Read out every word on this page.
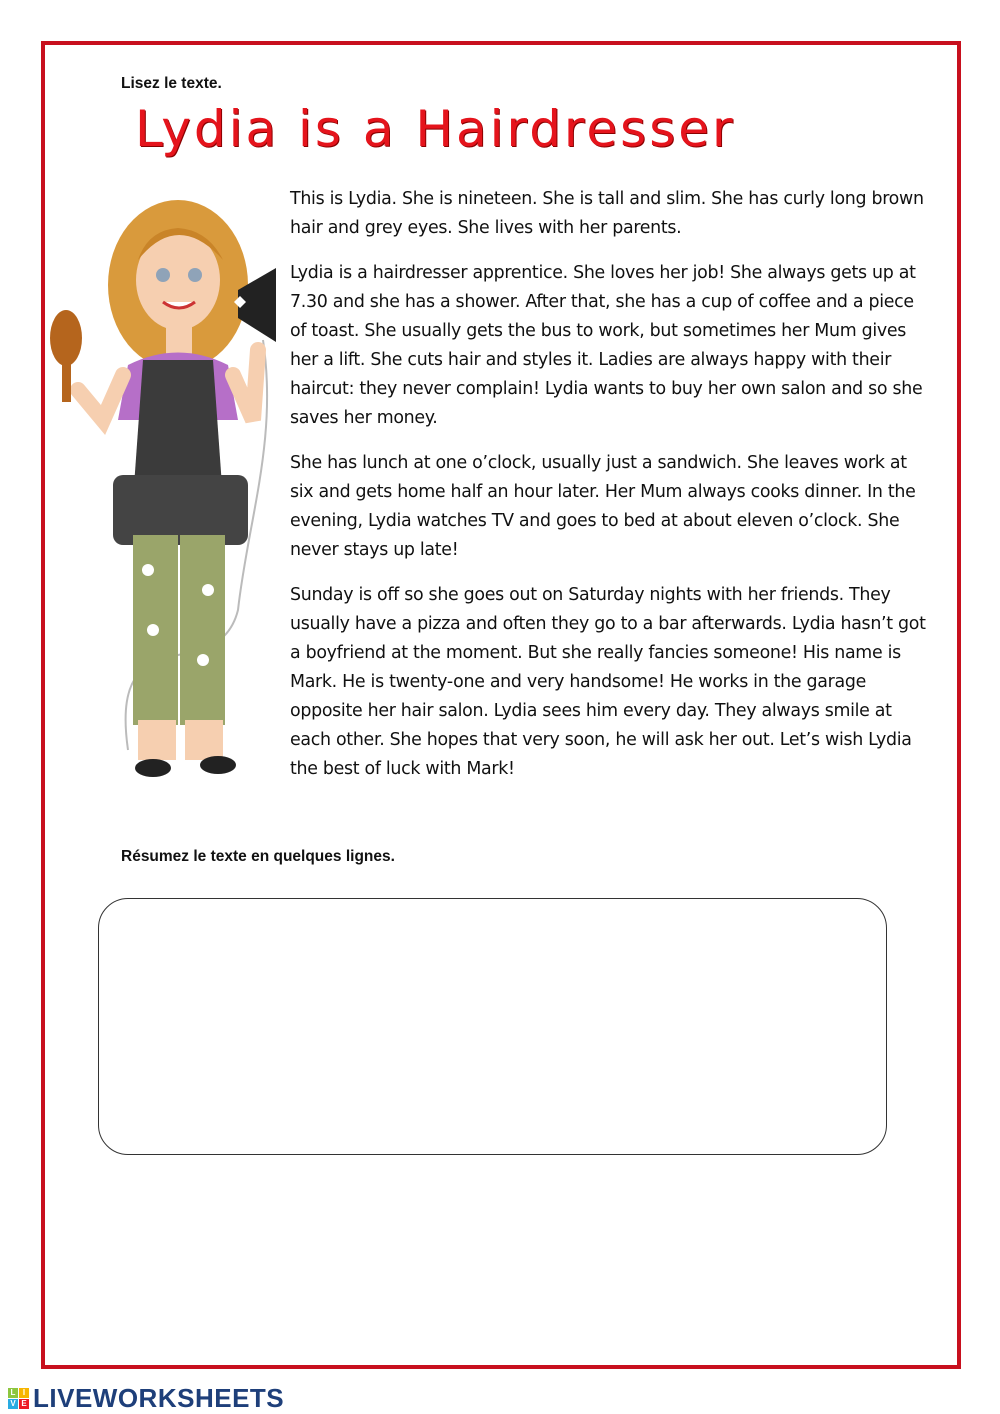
Lisez le texte.
Lydia is a Hairdresser

This is Lydia. She is nineteen. She is tall and slim. She has curly long brown hair and grey eyes. She lives with her parents.

Lydia is a hairdresser apprentice. She loves her job! She always gets up at 7.30 and she has a shower. After that, she has a cup of coffee and a piece of toast. She usually gets the bus to work, but sometimes her Mum gives her a lift. She cuts hair and styles it. Ladies are always happy with their haircut: they never complain! Lydia wants to buy her own salon and so she saves her money.

She has lunch at one o’clock, usually just a sandwich. She leaves work at six and gets home half an hour later. Her Mum always cooks dinner. In the evening, Lydia watches TV and goes to bed at about eleven o’clock. She never stays up late!

Sunday is off so she goes out on Saturday nights with her friends. They usually have a pizza and often they go to a bar afterwards. Lydia hasn’t got a boyfriend at the moment. But she really fancies someone! His name is Mark. He is twenty-one and very handsome! He works in the garage opposite her hair salon. Lydia sees him every day. They always smile at each other. She hopes that very soon, he will ask her out. Let’s wish Lydia the best of luck with Mark!

Résumez le texte en quelques lignes.
L I
V E LIVEWORKSHEETS
